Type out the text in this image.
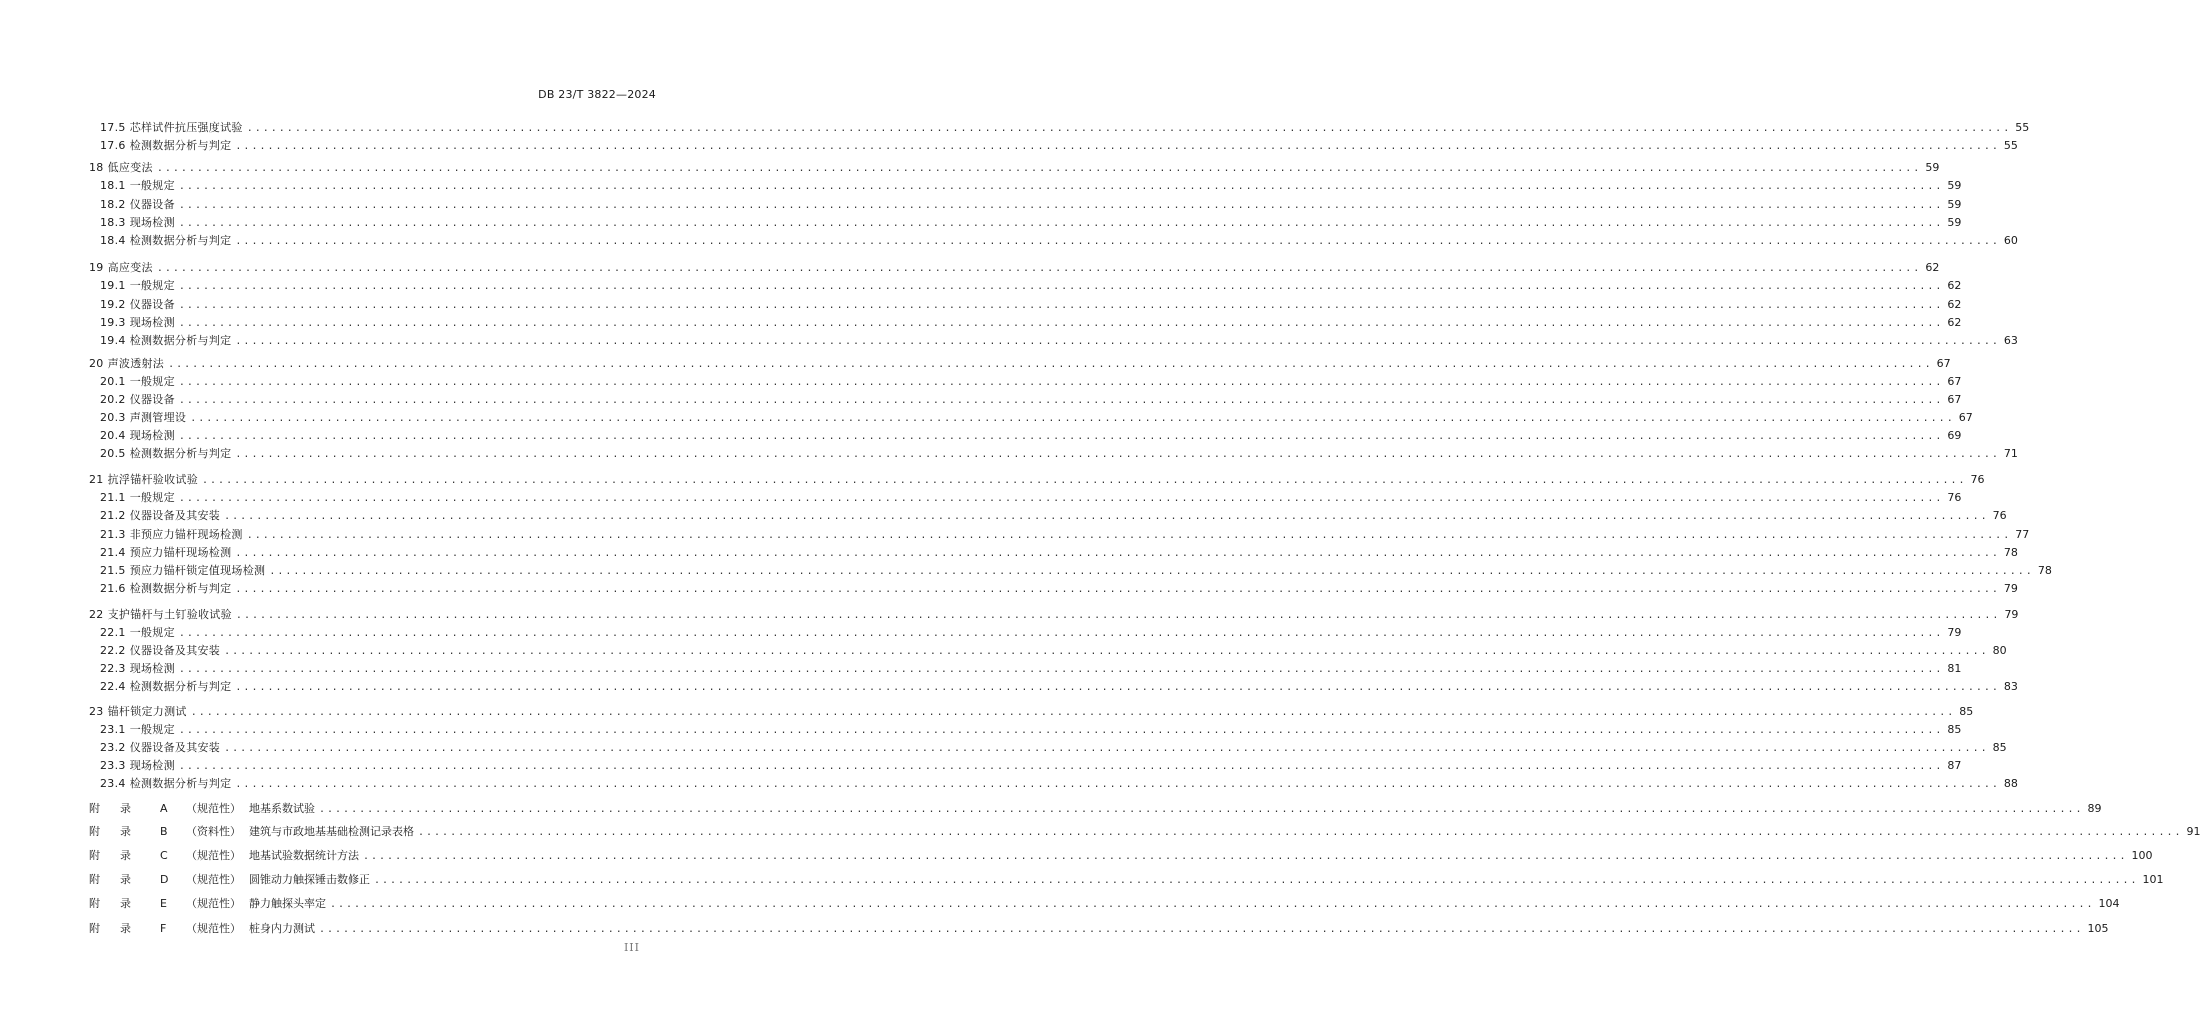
DB 23/T 3822—2024
17.5 芯样试件抗压强度试验 ............................................................................................................................................................................................................................ 55
17.6 检测数据分析与判定 ............................................................................................................................................................................................................................ 55
18 低应变法 ............................................................................................................................................................................................................................ 59
18.1 一般规定 ............................................................................................................................................................................................................................ 59
18.2 仪器设备 ............................................................................................................................................................................................................................ 59
18.3 现场检测 ............................................................................................................................................................................................................................ 59
18.4 检测数据分析与判定 ............................................................................................................................................................................................................................ 60
19 高应变法 ............................................................................................................................................................................................................................ 62
19.1 一般规定 ............................................................................................................................................................................................................................ 62
19.2 仪器设备 ............................................................................................................................................................................................................................ 62
19.3 现场检测 ............................................................................................................................................................................................................................ 62
19.4 检测数据分析与判定 ............................................................................................................................................................................................................................ 63
20 声波透射法 ............................................................................................................................................................................................................................ 67
20.1 一般规定 ............................................................................................................................................................................................................................ 67
20.2 仪器设备 ............................................................................................................................................................................................................................ 67
20.3 声测管埋设 ............................................................................................................................................................................................................................ 67
20.4 现场检测 ............................................................................................................................................................................................................................ 69
20.5 检测数据分析与判定 ............................................................................................................................................................................................................................ 71
21 抗浮锚杆验收试验 ............................................................................................................................................................................................................................ 76
21.1 一般规定 ............................................................................................................................................................................................................................ 76
21.2 仪器设备及其安装 ............................................................................................................................................................................................................................ 76
21.3 非预应力锚杆现场检测 ............................................................................................................................................................................................................................ 77
21.4 预应力锚杆现场检测 ............................................................................................................................................................................................................................ 78
21.5 预应力锚杆锁定值现场检测 ............................................................................................................................................................................................................................ 78
21.6 检测数据分析与判定 ............................................................................................................................................................................................................................ 79
22 支护锚杆与土钉验收试验 ............................................................................................................................................................................................................................ 79
22.1 一般规定 ............................................................................................................................................................................................................................ 79
22.2 仪器设备及其安装 ............................................................................................................................................................................................................................ 80
22.3 现场检测 ............................................................................................................................................................................................................................ 81
22.4 检测数据分析与判定 ............................................................................................................................................................................................................................ 83
23 锚杆锁定力测试 ............................................................................................................................................................................................................................ 85
23.1 一般规定 ............................................................................................................................................................................................................................ 85
23.2 仪器设备及其安装 ............................................................................................................................................................................................................................ 85
23.3 现场检测 ............................................................................................................................................................................................................................ 87
23.4 检测数据分析与判定 ............................................................................................................................................................................................................................ 88
附	录	A	（规范性） 地基系数试验 ............................................................................................................................................................................................................................ 89
附	录	B	（资料性） 建筑与市政地基基础检测记录表格 ............................................................................................................................................................................................................................ 91
附	录	C	（规范性） 地基试验数据统计方法 ............................................................................................................................................................................................................................ 100
附	录	D	（规范性） 圆锥动力触探锤击数修正 ............................................................................................................................................................................................................................ 101
附	录	E	（规范性） 静力触探头率定 ............................................................................................................................................................................................................................ 104
附	录	F	（规范性） 桩身内力测试 ............................................................................................................................................................................................................................ 105
III
